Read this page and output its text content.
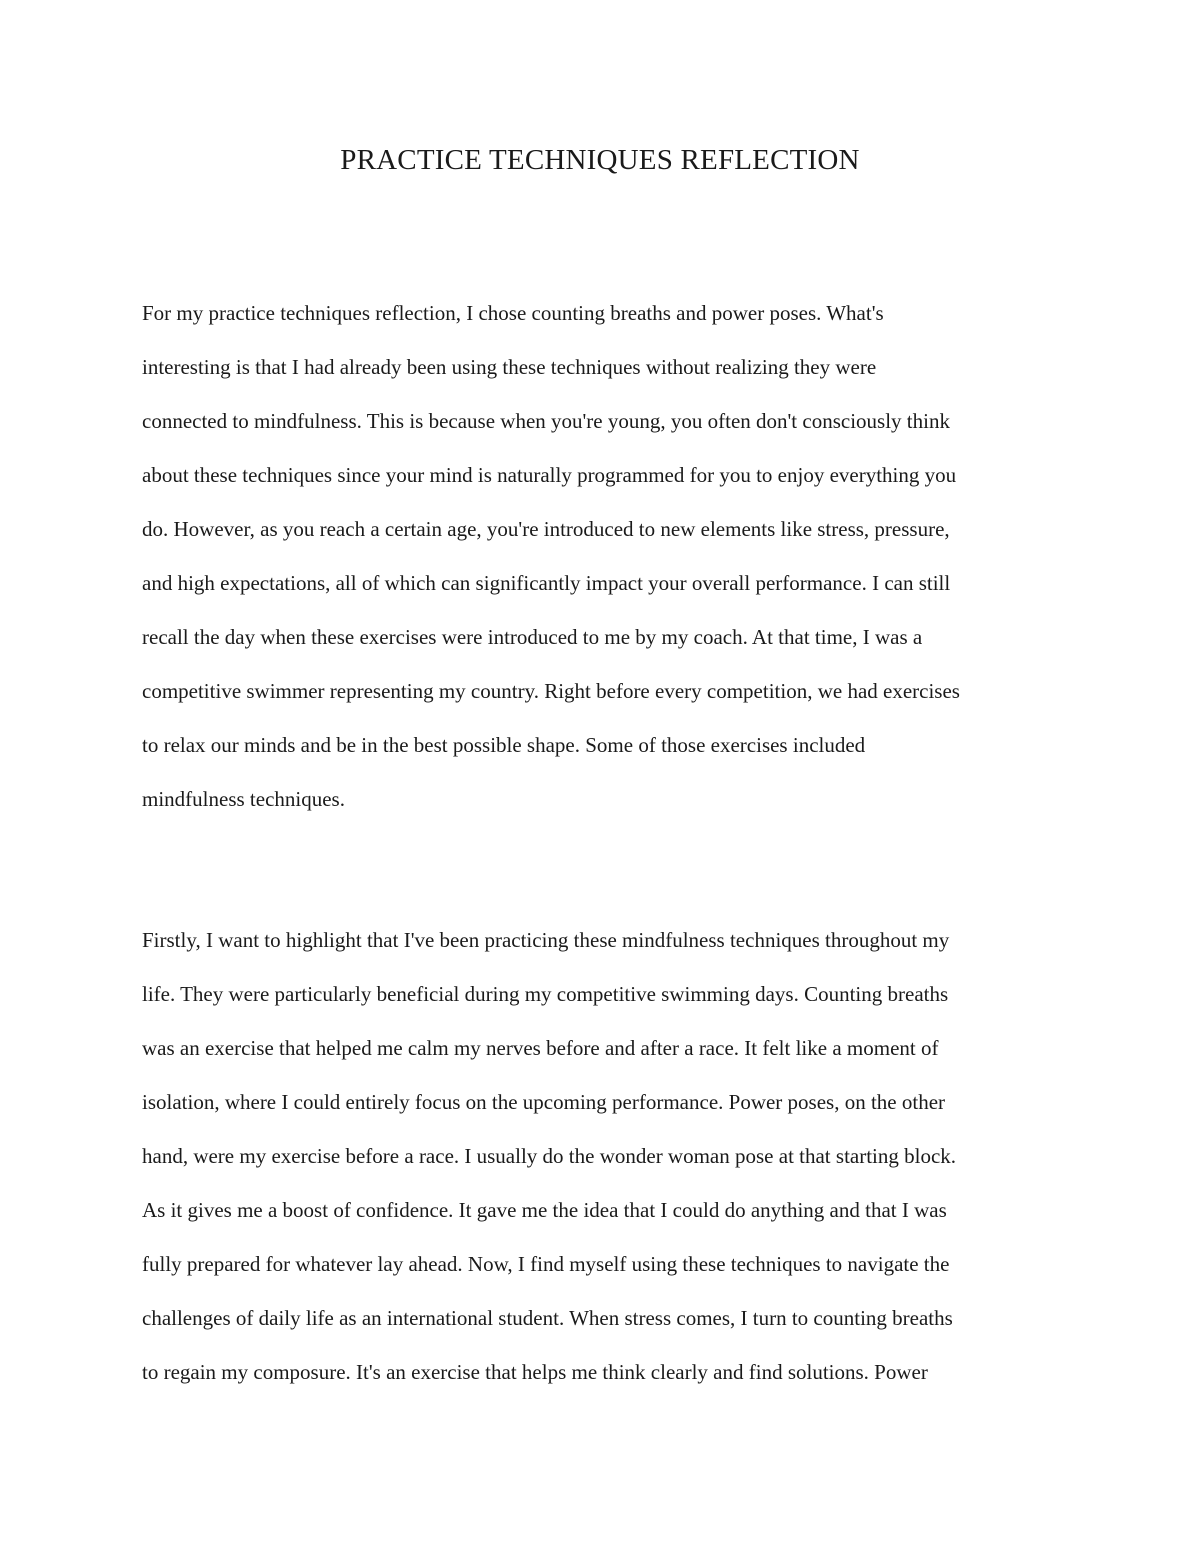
PRACTICE TECHNIQUES REFLECTION
For my practice techniques reflection, I chose counting breaths and power poses. What's
interesting is that I had already been using these techniques without realizing they were
connected to mindfulness. This is because when you're young, you often don't consciously think
about these techniques since your mind is naturally programmed for you to enjoy everything you
do. However, as you reach a certain age, you're introduced to new elements like stress, pressure,
and high expectations, all of which can significantly impact your overall performance. I can still
recall the day when these exercises were introduced to me by my coach. At that time, I was a
competitive swimmer representing my country. Right before every competition, we had exercises
to relax our minds and be in the best possible shape. Some of those exercises included
mindfulness techniques.
Firstly, I want to highlight that I've been practicing these mindfulness techniques throughout my
life. They were particularly beneficial during my competitive swimming days. Counting breaths
was an exercise that helped me calm my nerves before and after a race. It felt like a moment of
isolation, where I could entirely focus on the upcoming performance. Power poses, on the other
hand, were my exercise before a race. I usually do the wonder woman pose at that starting block.
As it gives me a boost of confidence. It gave me the idea that I could do anything and that I was
fully prepared for whatever lay ahead. Now, I find myself using these techniques to navigate the
challenges of daily life as an international student. When stress comes, I turn to counting breaths
to regain my composure. It's an exercise that helps me think clearly and find solutions. Power
